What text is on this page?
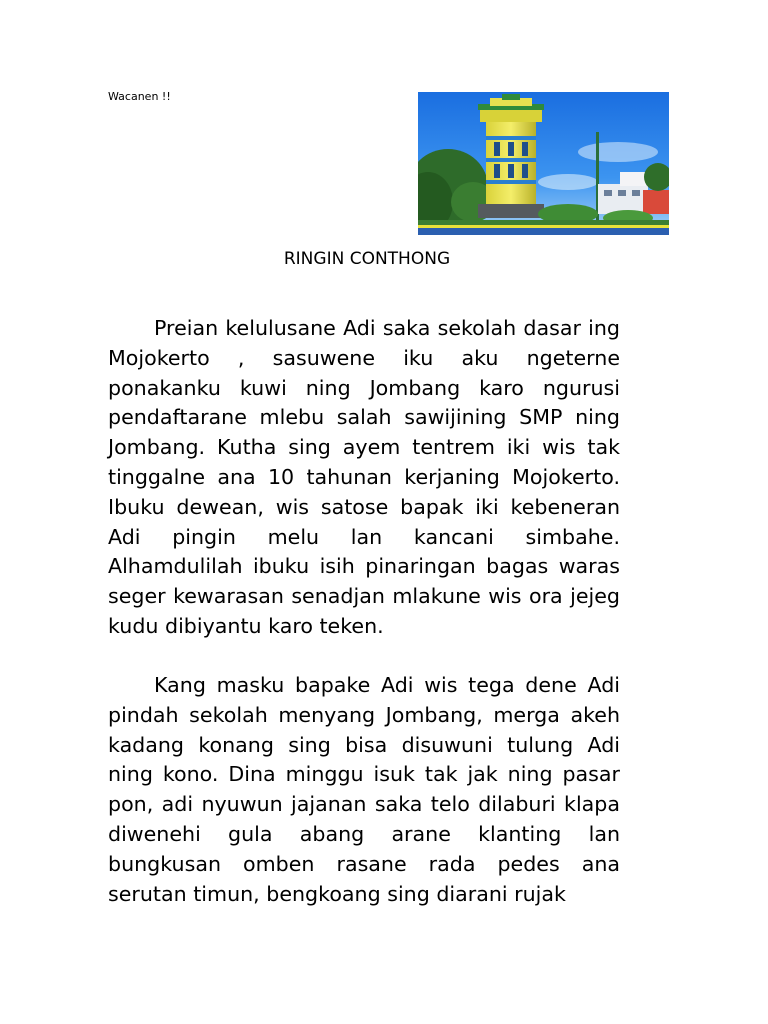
Wacanen !!
RINGIN CONTHONG

Preian kelulusane Adi saka sekolah dasar ing Mojokerto , sasuwene iku aku ngeterne ponakanku kuwi ning Jombang karo ngurusi pendaftarane mlebu salah sawijining SMP ning Jombang. Kutha sing ayem tentrem iki wis tak tinggalne ana 10 tahunan kerjaning Mojokerto. Ibuku dewean, wis satose bapak iki kebeneran Adi pingin melu lan kancani simbahe. Alhamdulilah ibuku isih pinaringan bagas waras seger kewarasan senadjan mlakune wis ora jejeg kudu dibiyantu karo teken.

Kang masku bapake Adi wis tega dene Adi pindah sekolah menyang Jombang, merga akeh kadang konang sing bisa disuwuni tulung Adi ning kono. Dina minggu isuk tak jak ning pasar pon, adi nyuwun jajanan saka telo dilaburi klapa diwenehi gula abang arane klanting lan bungkusan omben rasane rada pedes ana serutan timun, bengkoang sing diarani rujak
